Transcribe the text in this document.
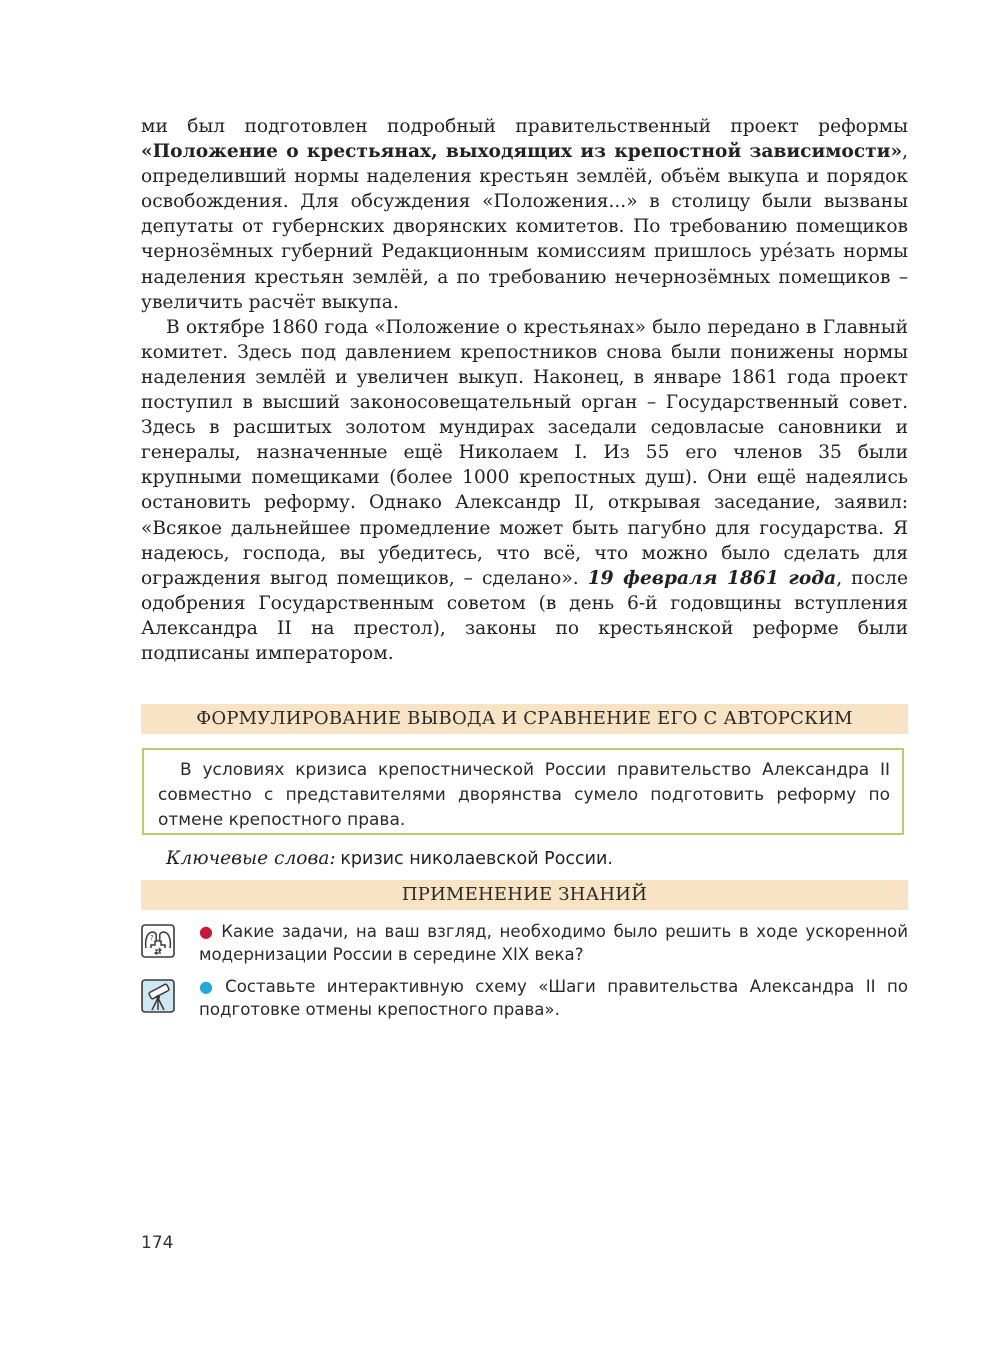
ми был подготовлен подробный правительственный проект реформы «Положение о крестьянах, выходящих из крепостной зависимости», определивший нормы наделения крестьян землёй, объём выкупа и порядок освобождения. Для обсуждения «Положения...» в столицу были вызваны депутаты от губернских дворянских комитетов. По требованию помещиков чернозёмных губерний Редакционным комиссиям пришлось уре́зать нормы наделения крестьян землёй, а по требованию нечернозёмных помещиков – увеличить расчёт выкупа.

В октябре 1860 года «Положение о крестьянах» было передано в Главный комитет. Здесь под давлением крепостников снова были понижены нормы наделения землёй и увеличен выкуп. Наконец, в январе 1861 года проект поступил в высший законосовещательный орган – Государственный совет. Здесь в расшитых золотом мундирах заседали седовласые сановники и генералы, назначенные ещё Николаем I. Из 55 его членов 35 были крупными помещиками (более 1000 крепостных душ). Они ещё надеялись остановить реформу. Однако Александр II, открывая заседание, заявил: «Всякое дальнейшее промедление может быть пагубно для государства. Я надеюсь, господа, вы убедитесь, что всё, что можно было сделать для ограждения выгод помещиков, – сделано». 19 февраля 1861 года, после одобрения Государственным советом (в день 6-й годовщины вступления Александра II на престол), законы по крестьянской реформе были подписаны императором.

ФОРМУЛИРОВАНИЕ ВЫВОДА И СРАВНЕНИЕ ЕГО С АВТОРСКИМ
В условиях кризиса крепостнической России правительство Александра II совместно с представителями дворянства сумело подготовить реформу по отмене крепостного права.
Ключевые слова: кризис николаевской России.
ПРИМЕНЕНИЕ ЗНАНИЙ
?	● Какие задачи, на ваш взгляд, необходимо было решить в ходе ускоренной модернизации России в середине XIX века?
● Составьте интерактивную схему «Шаги правительства Александра II по подготовке отмены крепостного права».
174
